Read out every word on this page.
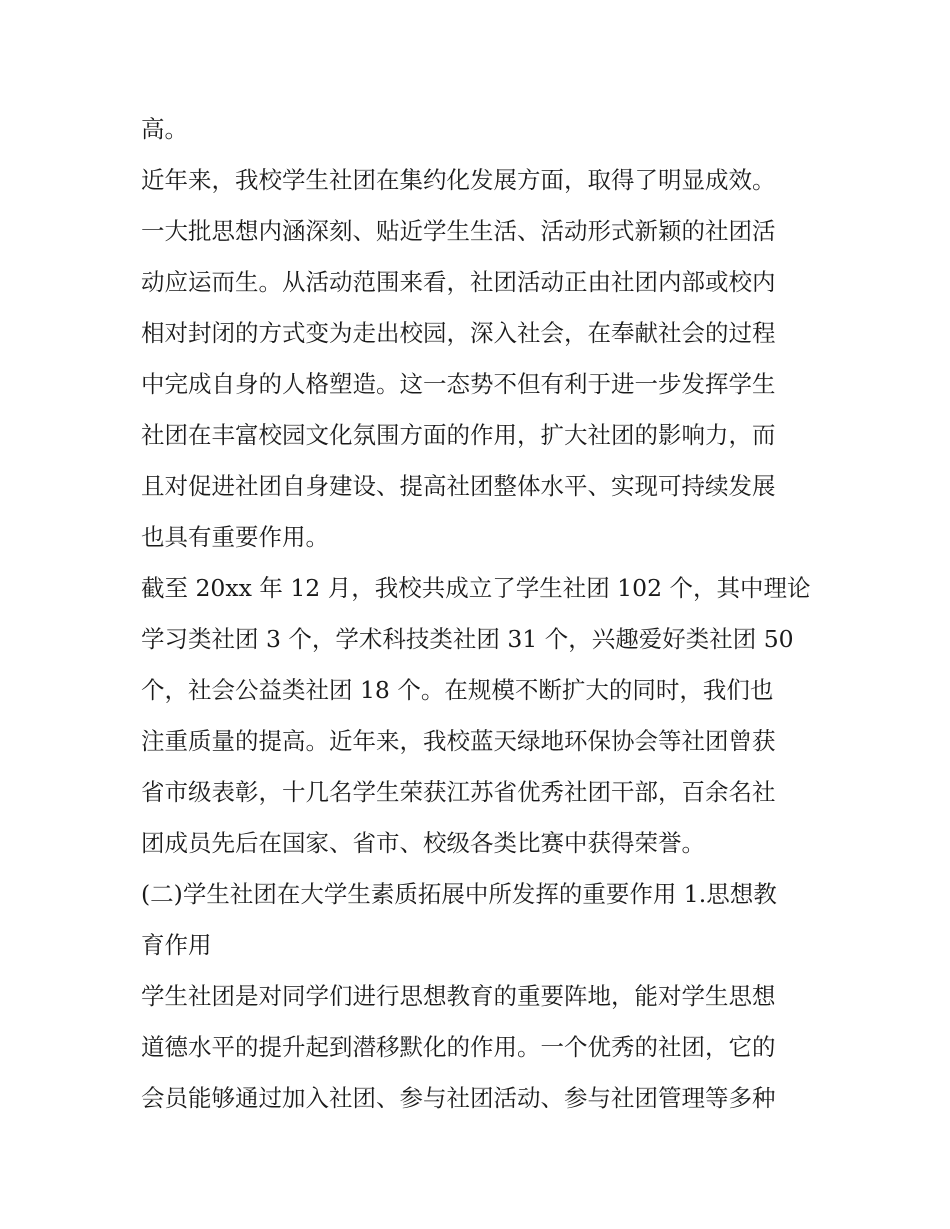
高。

近年来，我校学生社团在集约化发展方面，取得了明显成效。
一大批思想内涵深刻、贴近学生生活、活动形式新颖的社团活
动应运而生。从活动范围来看，社团活动正由社团内部或校内
相对封闭的方式变为走出校园，深入社会，在奉献社会的过程
中完成自身的人格塑造。这一态势不但有利于进一步发挥学生
社团在丰富校园文化氛围方面的作用，扩大社团的影响力，而
且对促进社团自身建设、提高社团整体水平、实现可持续发展
也具有重要作用。

截至 20xx 年 12 月，我校共成立了学生社团 102 个，其中理论
学习类社团 3 个，学术科技类社团 31 个，兴趣爱好类社团 50
个，社会公益类社团 18 个。在规模不断扩大的同时，我们也
注重质量的提高。近年来，我校蓝天绿地环保协会等社团曾获
省市级表彰，十几名学生荣获江苏省优秀社团干部，百余名社
团成员先后在国家、省市、校级各类比赛中获得荣誉。

(二)学生社团在大学生素质拓展中所发挥的重要作用 1.思想教
育作用

学生社团是对同学们进行思想教育的重要阵地，能对学生思想
道德水平的提升起到潜移默化的作用。一个优秀的社团，它的
会员能够通过加入社团、参与社团活动、参与社团管理等多种
